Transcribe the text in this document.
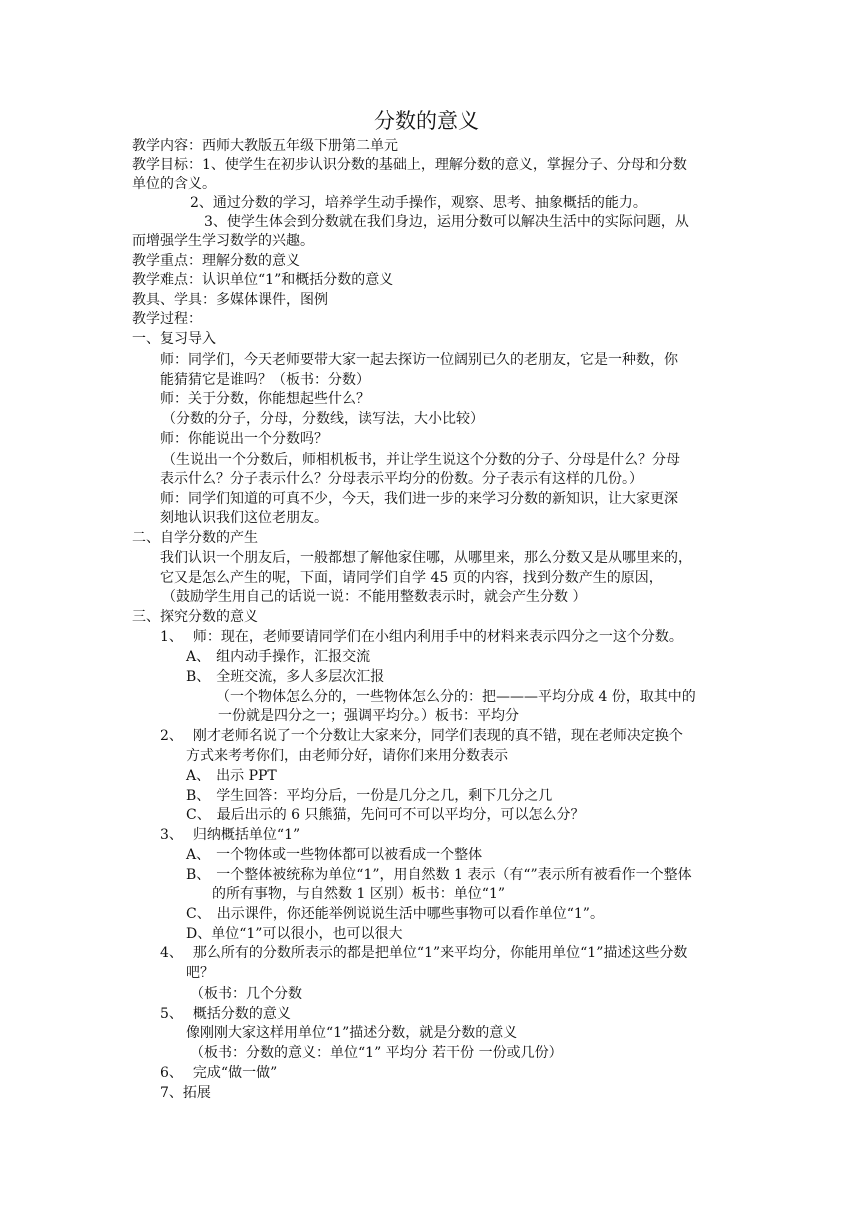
分数的意义
教学内容：西师大教版五年级下册第二单元
教学目标：1、使学生在初步认识分数的基础上，理解分数的意义，掌握分子、分母和分数
单位的含义。
2、通过分数的学习，培养学生动手操作，观察、思考、抽象概括的能力。
3、使学生体会到分数就在我们身边，运用分数可以解决生活中的实际问题，从
而增强学生学习数学的兴趣。
教学重点：理解分数的意义
教学难点：认识单位“1”和概括分数的意义
教具、学具：多媒体课件，图例
教学过程：
一、复习导入
师：同学们，今天老师要带大家一起去探访一位阔别已久的老朋友，它是一种数，你
能猜猜它是谁吗？（板书：分数）
师：关于分数，你能想起些什么？
（分数的分子，分母，分数线，读写法，大小比较）
师：你能说出一个分数吗？
（生说出一个分数后，师相机板书，并让学生说这个分数的分子、分母是什么？分母
表示什么？分子表示什么？分母表示平均分的份数。分子表示有这样的几份。）
师：同学们知道的可真不少，今天，我们进一步的来学习分数的新知识，让大家更深
刻地认识我们这位老朋友。
二、自学分数的产生
我们认识一个朋友后，一般都想了解他家住哪，从哪里来，那么分数又是从哪里来的，
它又是怎么产生的呢，下面，请同学们自学 45 页的内容，找到分数产生的原因，
（鼓励学生用自己的话说一说：不能用整数表示时，就会产生分数 ）
三、探究分数的意义
1、 师：现在，老师要请同学们在小组内利用手中的材料来表示四分之一这个分数。
A、 组内动手操作，汇报交流
B、 全班交流，多人多层次汇报
（一个物体怎么分的，一些物体怎么分的：把———平均分成 4 份，取其中的
一份就是四分之一；强调平均分。）板书：平均分
2、 刚才老师名说了一个分数让大家来分，同学们表现的真不错，现在老师决定换个
方式来考考你们，由老师分好，请你们来用分数表示
A、 出示 PPT
B、 学生回答：平均分后，一份是几分之几，剩下几分之几
C、 最后出示的 6 只熊猫，先问可不可以平均分，可以怎么分？
3、 归纳概括单位“1”
A、 一个物体或一些物体都可以被看成一个整体
B、 一个整体被统称为单位“1”，用自然数 1 表示（有“”表示所有被看作一个整体
的所有事物，与自然数 1 区别）板书：单位“1”
C、 出示课件，你还能举例说说生活中哪些事物可以看作单位“1”。
D、单位“1”可以很小，也可以很大
4、 那么所有的分数所表示的都是把单位“1”来平均分，你能用单位“1”描述这些分数
吧？
（板书：几个分数
5、 概括分数的意义
像刚刚大家这样用单位“1”描述分数，就是分数的意义
（板书：分数的意义：单位“1” 平均分 若干份 一份或几份）
6、 完成“做一做”
7、拓展
